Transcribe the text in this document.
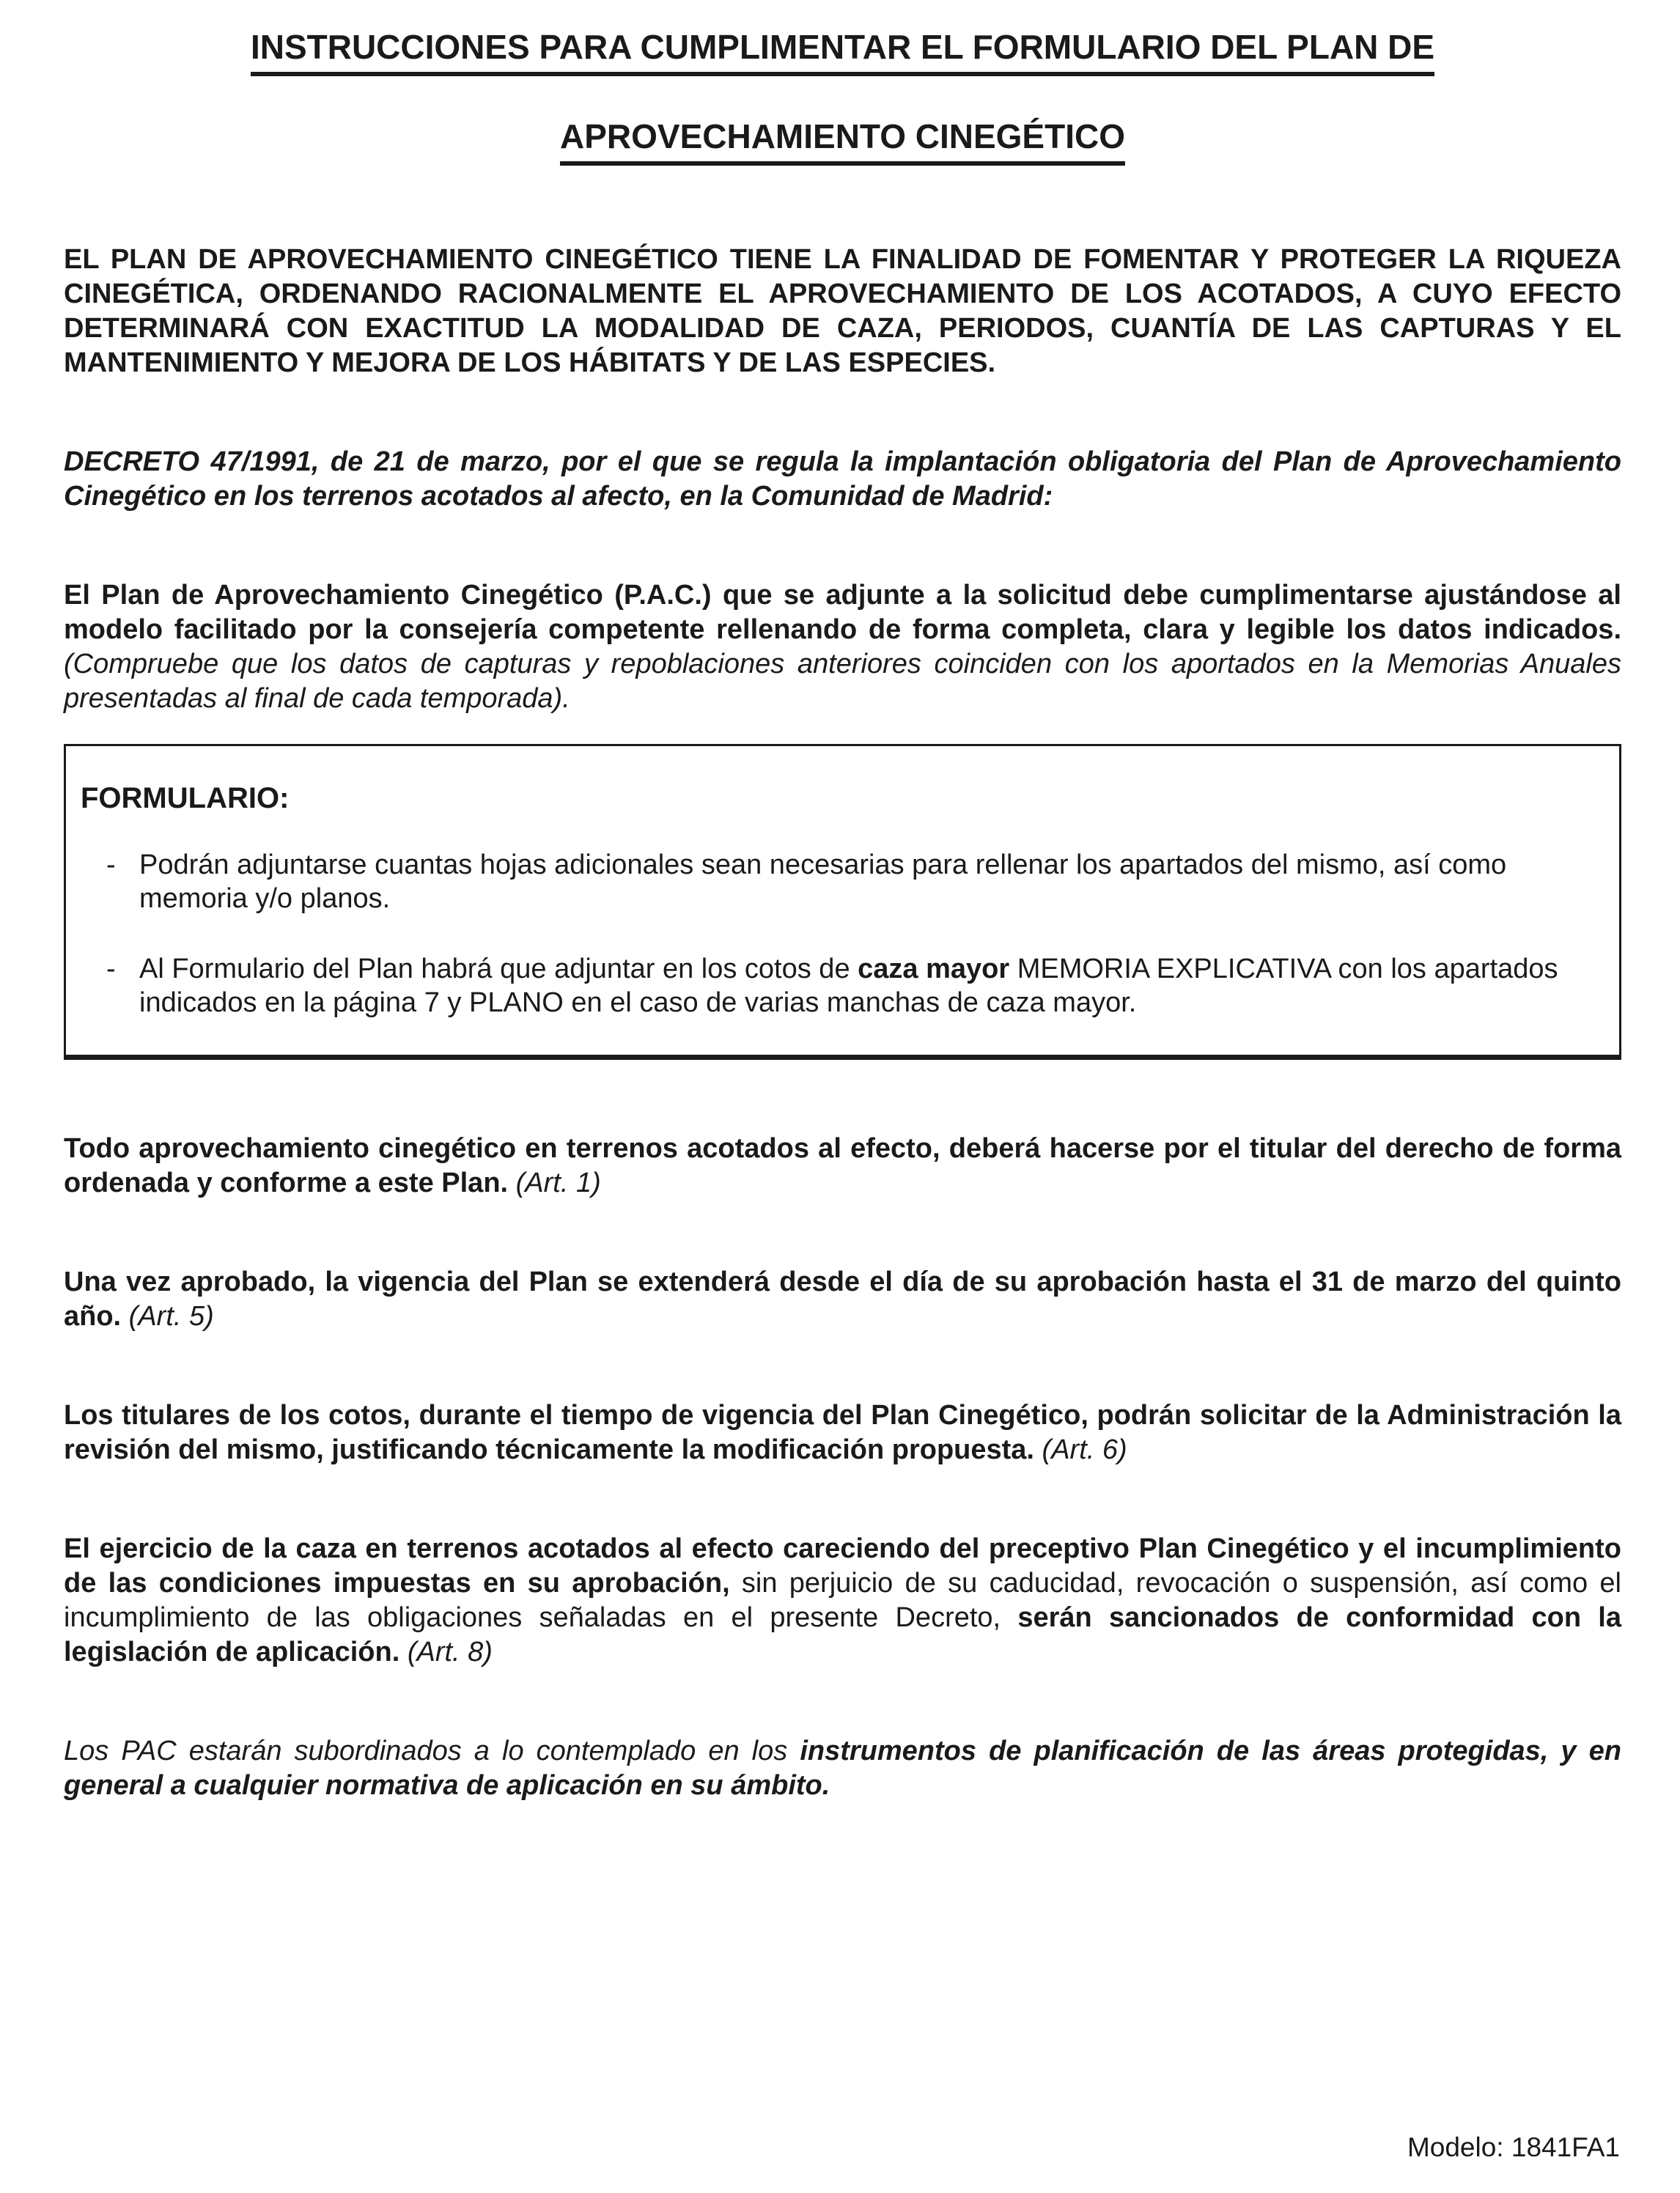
INSTRUCCIONES PARA CUMPLIMENTAR EL FORMULARIO DEL PLAN DE
APROVECHAMIENTO CINEGÉTICO

EL PLAN DE APROVECHAMIENTO CINEGÉTICO TIENE LA FINALIDAD DE FOMENTAR Y PROTEGER LA RIQUEZA CINEGÉTICA, ORDENANDO RACIONALMENTE EL APROVECHAMIENTO DE LOS ACOTADOS, A CUYO EFECTO DETERMINARÁ CON EXACTITUD LA MODALIDAD DE CAZA, PERIODOS, CUANTÍA DE LAS CAPTURAS Y EL MANTENIMIENTO Y MEJORA DE LOS HÁBITATS Y DE LAS ESPECIES.

DECRETO 47/1991, de 21 de marzo, por el que se regula la implantación obligatoria del Plan de Aprovechamiento Cinegético en los terrenos acotados al afecto, en la Comunidad de Madrid:

El Plan de Aprovechamiento Cinegético (P.A.C.) que se adjunte a la solicitud debe cumplimentarse ajustándose al modelo facilitado por la consejería competente rellenando de forma completa, clara y legible los datos indicados. (Compruebe que los datos de capturas y repoblaciones anteriores coinciden con los aportados en la Memorias Anuales presentadas al final de cada temporada).

FORMULARIO:
- Podrán adjuntarse cuantas hojas adicionales sean necesarias para rellenar los apartados del mismo, así como memoria y/o planos.
- Al Formulario del Plan habrá que adjuntar en los cotos de caza mayor MEMORIA EXPLICATIVA con los apartados indicados en la página 7 y PLANO en el caso de varias manchas de caza mayor.

Todo aprovechamiento cinegético en terrenos acotados al efecto, deberá hacerse por el titular del derecho de forma ordenada y conforme a este Plan. (Art. 1)

Una vez aprobado, la vigencia del Plan se extenderá desde el día de su aprobación hasta el 31 de marzo del quinto año. (Art. 5)

Los titulares de los cotos, durante el tiempo de vigencia del Plan Cinegético, podrán solicitar de la Administración la revisión del mismo, justificando técnicamente la modificación propuesta. (Art. 6)

El ejercicio de la caza en terrenos acotados al efecto careciendo del preceptivo Plan Cinegético y el incumplimiento de las condiciones impuestas en su aprobación, sin perjuicio de su caducidad, revocación o suspensión, así como el incumplimiento de las obligaciones señaladas en el presente Decreto, serán sancionados de conformidad con la legislación de aplicación. (Art. 8)

Los PAC estarán subordinados a lo contemplado en los instrumentos de planificación de las áreas protegidas, y en general a cualquier normativa de aplicación en su ámbito.

Modelo: 1841FA1
